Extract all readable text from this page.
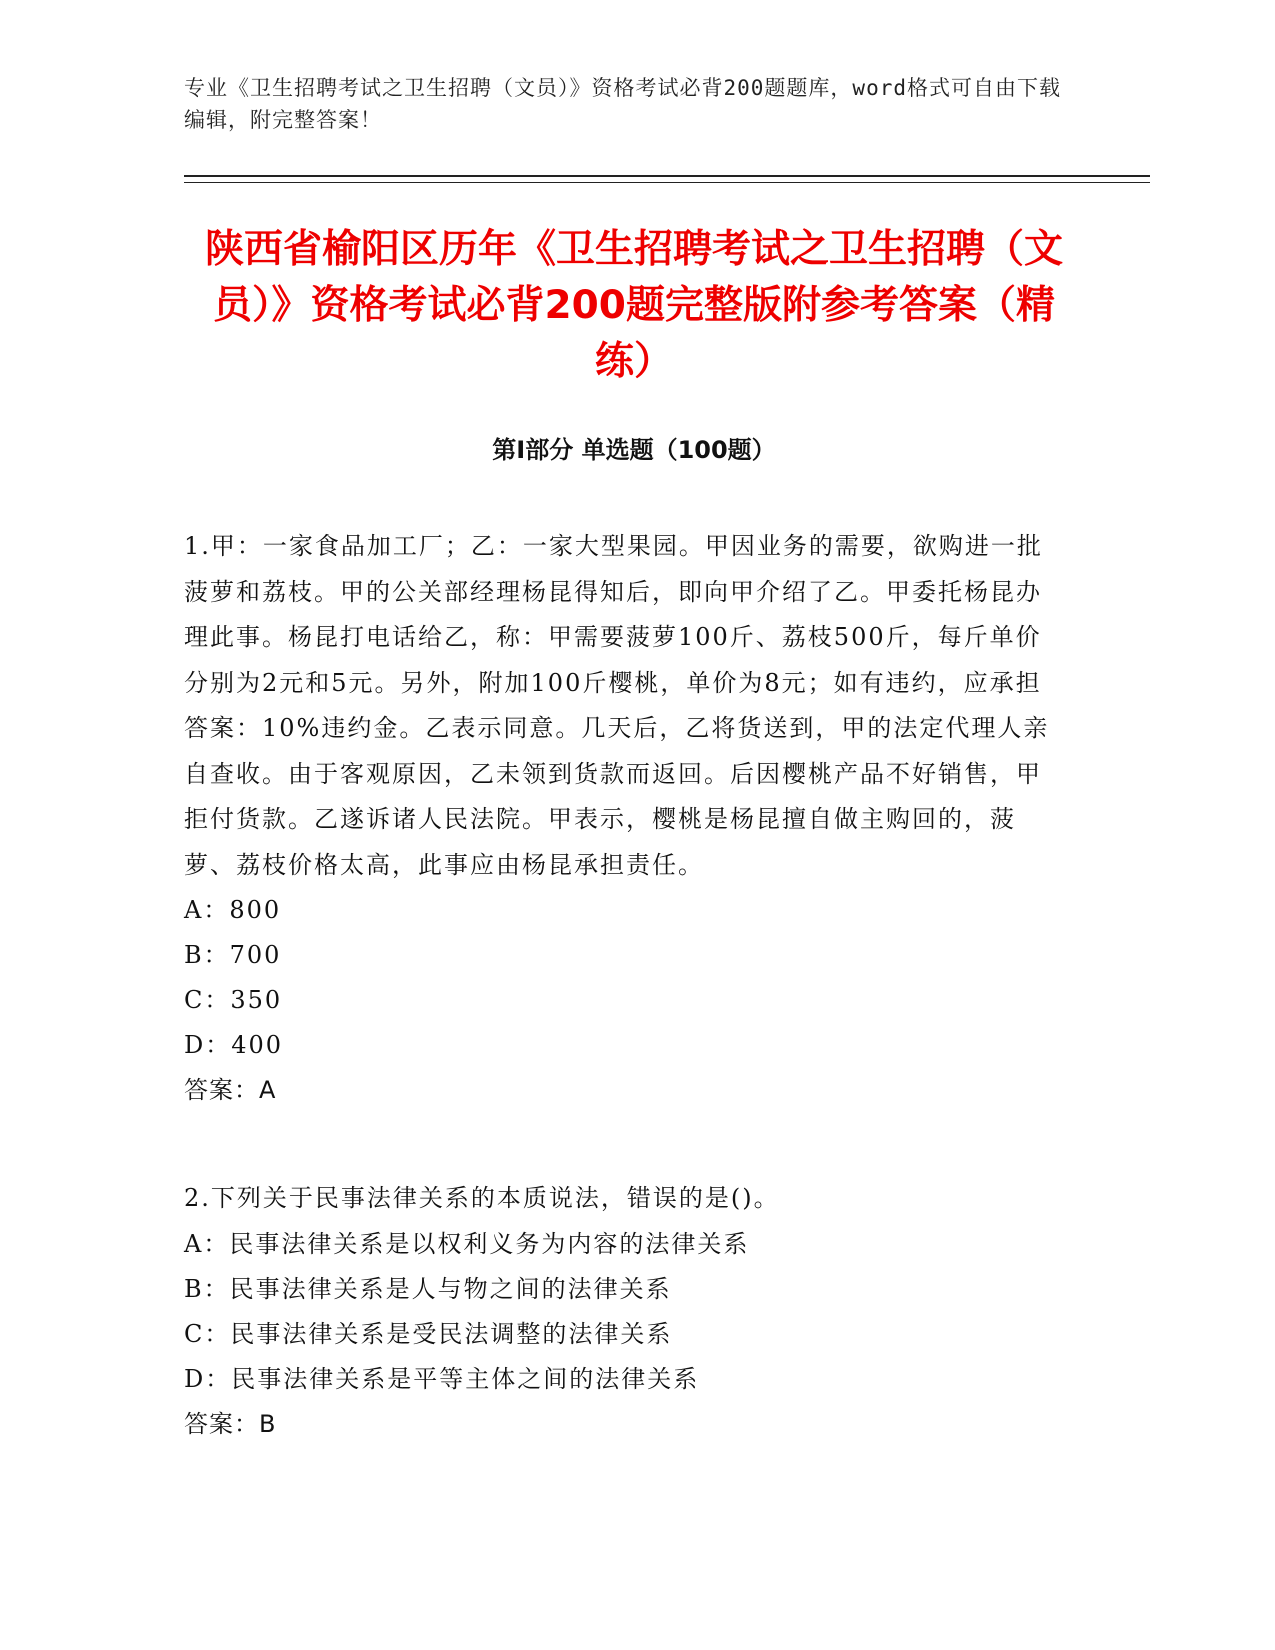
专业《卫生招聘考试之卫生招聘（文员）》资格考试必背200题题库，word格式可自由下载编辑，附完整答案！
陕西省榆阳区历年《卫生招聘考试之卫生招聘（文员）》资格考试必背200题完整版附参考答案（精练）
第Ⅰ部分 单选题（100题）

1.甲：一家食品加工厂；乙：一家大型果园。甲因业务的需要，欲购进一批菠萝和荔枝。甲的公关部经理杨昆得知后，即向甲介绍了乙。甲委托杨昆办理此事。杨昆打电话给乙，称：甲需要菠萝100斤、荔枝500斤，每斤单价分别为2元和5元。另外，附加100斤樱桃，单价为8元；如有违约，应承担答案：10%违约金。乙表示同意。几天后，乙将货送到，甲的法定代理人亲自查收。由于客观原因，乙未领到货款而返回。后因樱桃产品不好销售，甲拒付货款。乙遂诉诸人民法院。甲表示，樱桃是杨昆擅自做主购回的，菠萝、荔枝价格太高，此事应由杨昆承担责任。

A：800

B：700

C：350

D：400

答案：A

2.下列关于民事法律关系的本质说法，错误的是()。

A：民事法律关系是以权利义务为内容的法律关系

B：民事法律关系是人与物之间的法律关系

C：民事法律关系是受民法调整的法律关系

D：民事法律关系是平等主体之间的法律关系

答案：B
